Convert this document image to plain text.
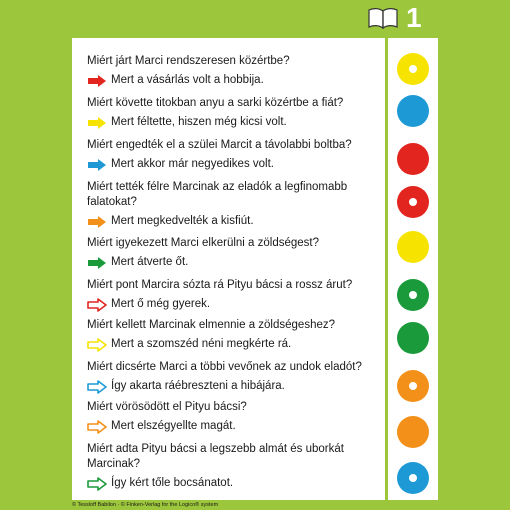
1
Miért járt Marci rendszeresen közértbe?
Mert a vásárlás volt a hobbija.
Miért követte titokban anyu a sarki közértbe a fiát?
Mert féltette, hiszen még kicsi volt.
Miért engedték el a szülei Marcit a távolabbi boltba?
Mert akkor már negyedikes volt.
Miért tették félre Marcinak az eladók a legfinomabb falatokat?
Mert megkedvelték a kisfiút.
Miért igyekezett Marci elkerülni a zöldségest?
Mert átverte őt.
Miért pont Marcira sózta rá Pityu bácsi a rossz árut?
Mert ő még gyerek.
Miért kellett Marcinak elmennie a zöldségeshez?
Mert a szomszéd néni megkérte rá.
Miért dicsérte Marci a többi vevőnek az undok eladót?
Így akarta ráébreszteni a hibájára.
Miért vörösödött el Pityu bácsi?
Mert elszégyellte magát.
Miért adta Pityu bácsi a legszebb almát és uborkát Marcinak?
Így kért tőle bocsánatot.
© Tessloff Babilon · © Finken-Verlag for the Logico® system
